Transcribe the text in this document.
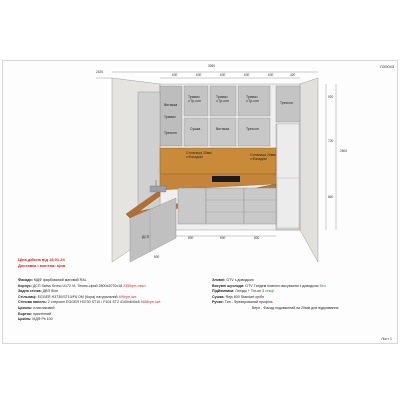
ЛЗ0043
3050
2420
600	600	600	600	600	420
2600
920
720
840
800	600	800
600
Витяжка
Тримач
Трехсон
Тримач
з Тр-сон
Тримач
з Тр-сон
Тримач
з Тр-сон
Сушка	Витяжка	Трехсон
Трехсон
Стільниця 20мм
з Фасадом	Стільниця 20мм
з Фасадом
ДСП
Ціна дійсна від 18.01.24
Доставка і монтаж: ціна
Фасади: МДФ фарбований матовий RAL
Корпус: ДСП Swiss Krono U172 VL Темно-сірий 2800х2070х18 2390грн./лист
Задня стінка: ДВП біле
Стільниці: EGGER H3730/ST10/F6 ОМ (Кора) натуральний 499грн./шт.
Стінова панель: 2 стеронні EGGER H3730 ST10 / F104 ST2 4100х640х8 4666грн./шт.
Цоколь: пластиковий
Бортик: пристінний
Цокіль: МДФ Ps 100
Зливні: GTV з доводкою
Висувні шухляди: GTV Тандем повного висування з доводкою бел.
Підйомники: Гнездо + Тіп-он 3 секції
Сушка: Rejs 600 Standart срібл
Ручки: Тип - Фрезерований профіль
Верх - Фасад подовжений на 20мм для відкривання
Лист 1
